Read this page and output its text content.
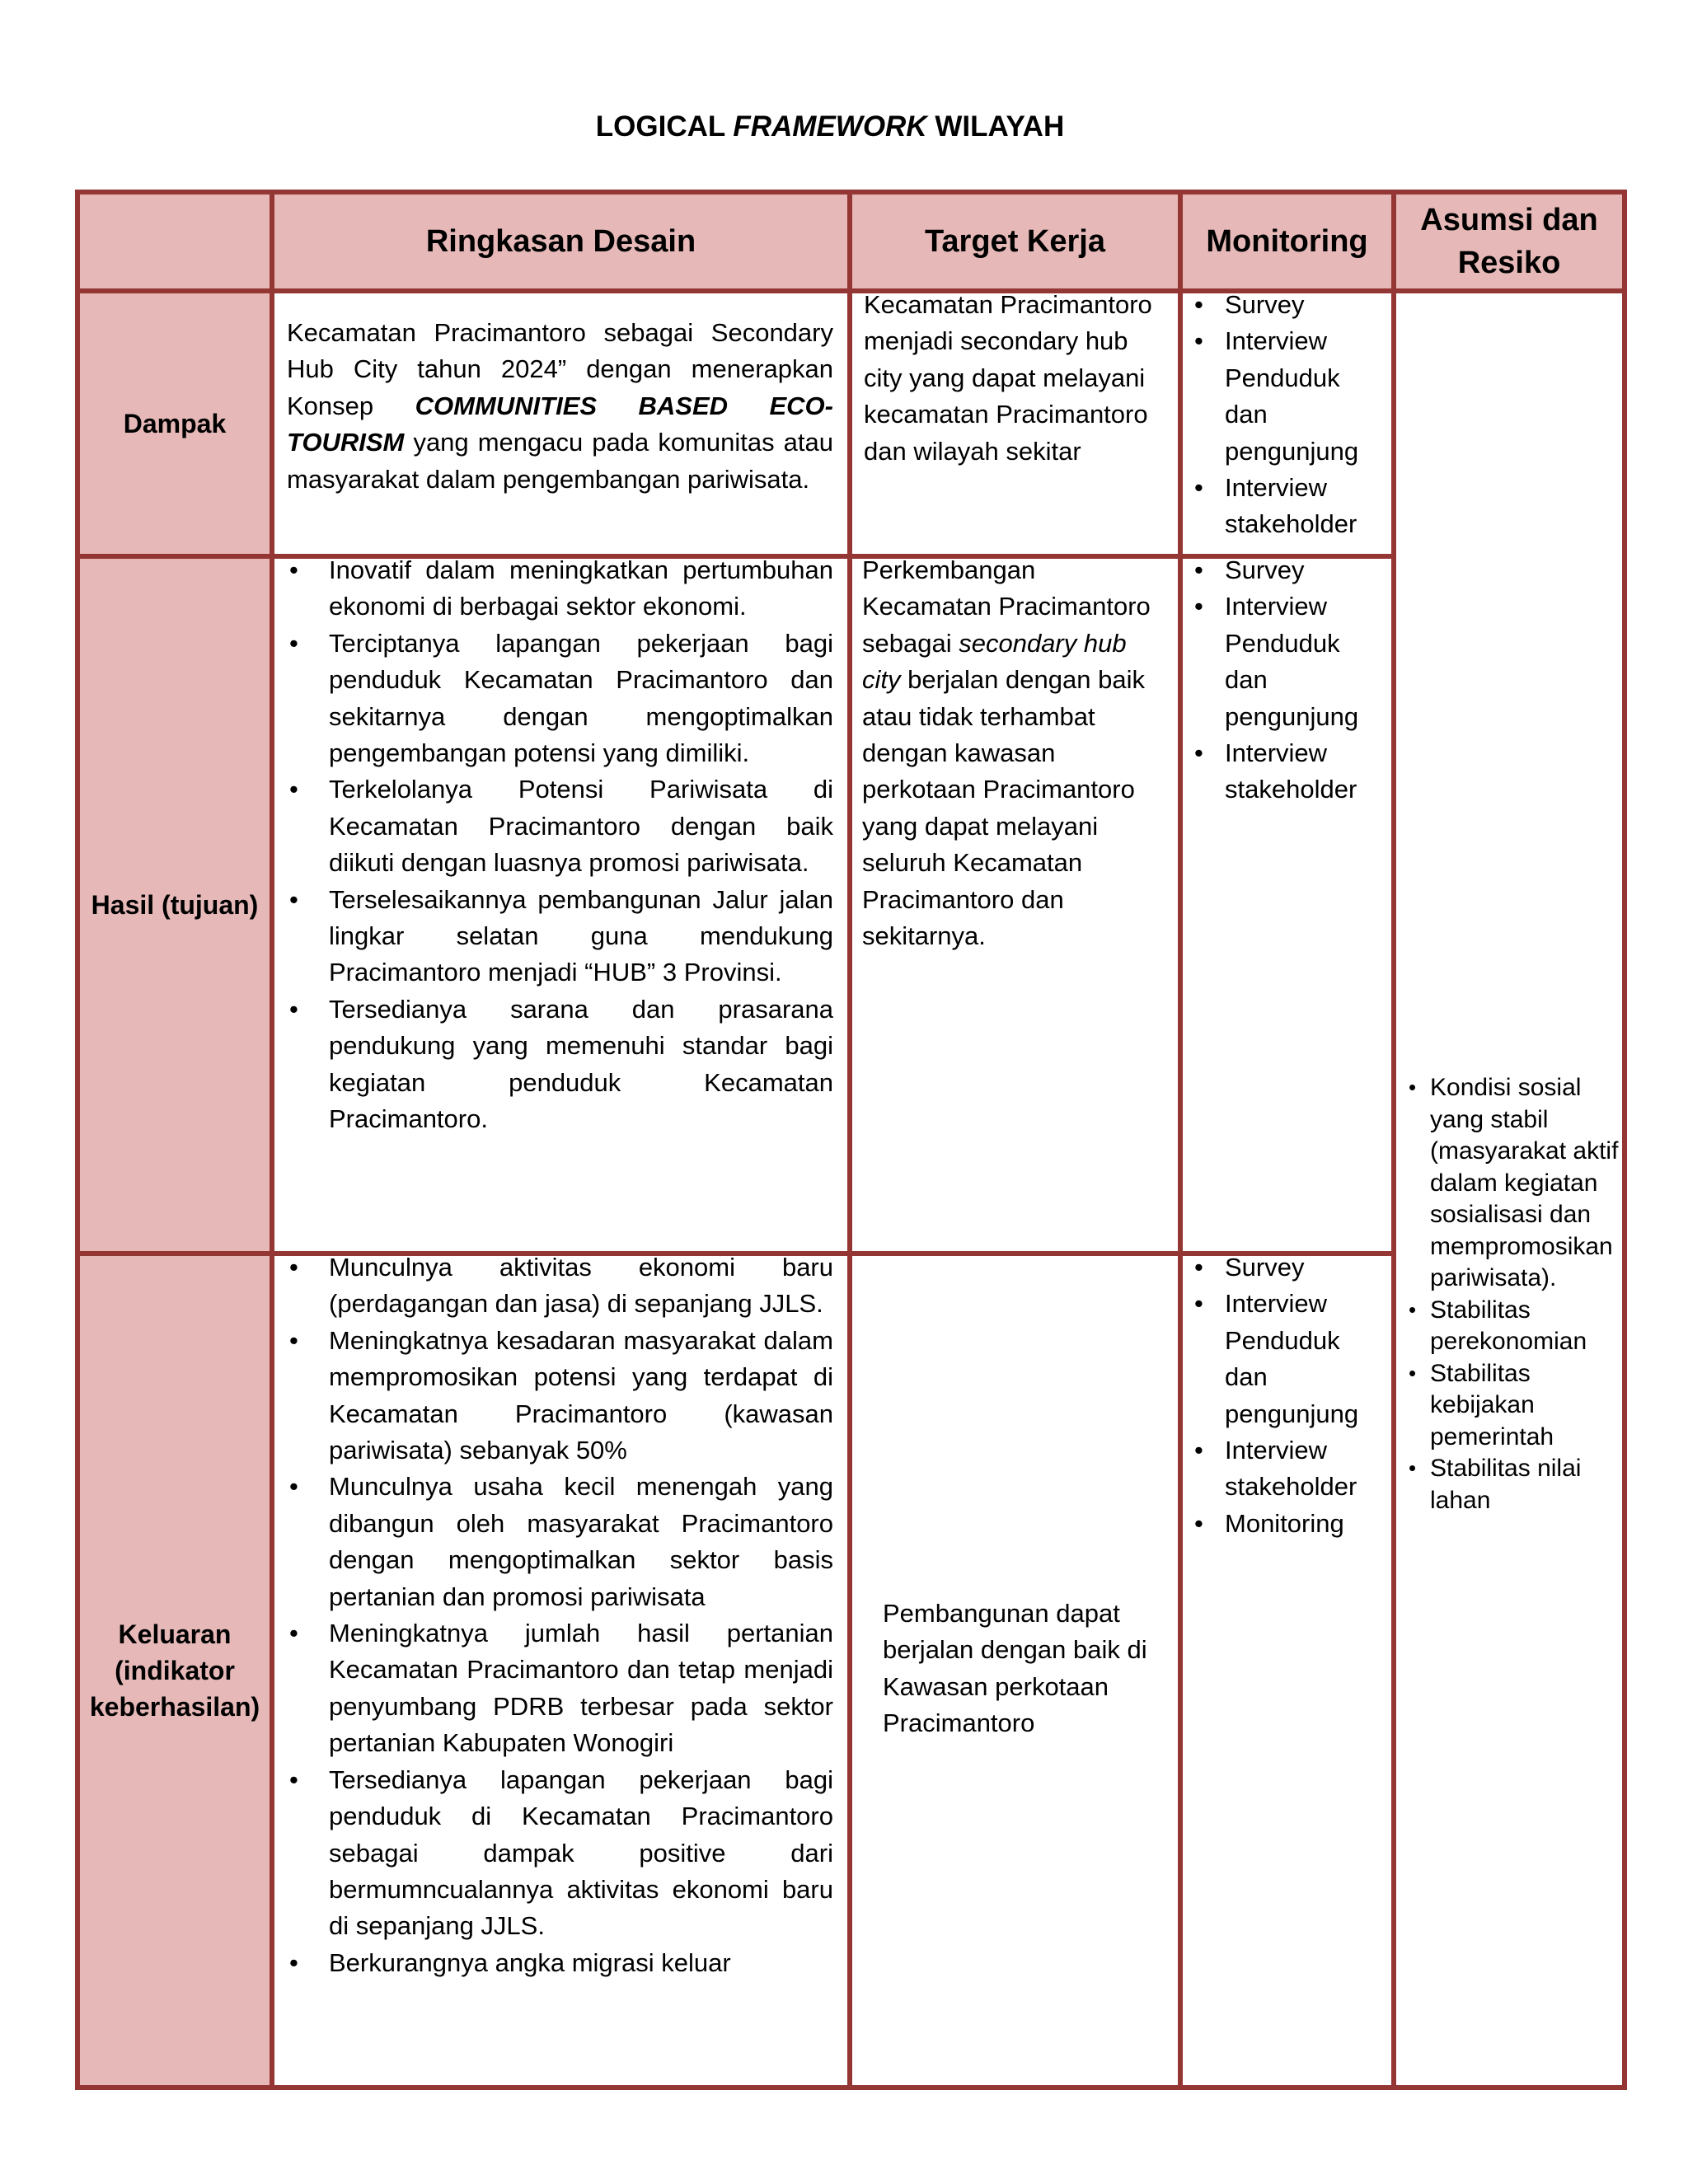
LOGICAL FRAMEWORK WILAYAH
Ringkasan Desain	Target Kerja	Monitoring
Asumsi dan Resiko
Dampak

Kecamatan Pracimantoro sebagai Secondary Hub City tahun 2024” dengan menerapkan Konsep COMMUNITIES BASED ECO-TOURISM yang mengacu pada komunitas atau masyarakat dalam pengembangan pariwisata.

Kecamatan Pracimantoro menjadi secondary hub city yang dapat melayani kecamatan Pracimantoro dan wilayah sekitar

• Survey
• Interview Penduduk dan pengunjung
• Interview stakeholder
Hasil (tujuan)
• Inovatif dalam meningkatkan pertumbuhan ekonomi di berbagai sektor ekonomi.
• Terciptanya lapangan pekerjaan bagi penduduk Kecamatan Pracimantoro dan sekitarnya dengan mengoptimalkan pengembangan potensi yang dimiliki.
• Terkelolanya Potensi Pariwisata di Kecamatan Pracimantoro dengan baik diikuti dengan luasnya promosi pariwisata.
• Terselesaikannya pembangunan Jalur jalan lingkar selatan guna mendukung Pracimantoro menjadi “HUB” 3 Provinsi.
• Tersedianya sarana dan prasarana pendukung yang memenuhi standar bagi kegiatan penduduk Kecamatan Pracimantoro.

Perkembangan Kecamatan Pracimantoro sebagai secondary hub city berjalan dengan baik atau tidak terhambat dengan kawasan perkotaan Pracimantoro yang dapat melayani seluruh Kecamatan Pracimantoro dan sekitarnya.

• Survey
• Interview Penduduk dan pengunjung
• Interview stakeholder
Keluaran (indikator keberhasilan)
• Munculnya aktivitas ekonomi baru (perdagangan dan jasa) di sepanjang JJLS.
• Meningkatnya kesadaran masyarakat dalam mempromosikan potensi yang terdapat di Kecamatan Pracimantoro (kawasan pariwisata) sebanyak 50%
• Munculnya usaha kecil menengah yang dibangun oleh masyarakat Pracimantoro dengan mengoptimalkan sektor basis pertanian dan promosi pariwisata
• Meningkatnya jumlah hasil pertanian Kecamatan Pracimantoro dan tetap menjadi penyumbang PDRB terbesar pada sektor pertanian Kabupaten Wonogiri
• Tersedianya lapangan pekerjaan bagi penduduk di Kecamatan Pracimantoro sebagai dampak positive dari bermumncualannya aktivitas ekonomi baru di sepanjang JJLS.
• Berkurangnya angka migrasi keluar

Pembangunan dapat berjalan dengan baik di Kawasan perkotaan Pracimantoro

• Survey
• Interview Penduduk dan pengunjung
• Interview stakeholder
• Monitoring
• Kondisi sosial yang stabil (masyarakat aktif dalam kegiatan sosialisasi dan mempromosikan pariwisata).
• Stabilitas perekonomian
• Stabilitas kebijakan pemerintah
• Stabilitas nilai lahan
